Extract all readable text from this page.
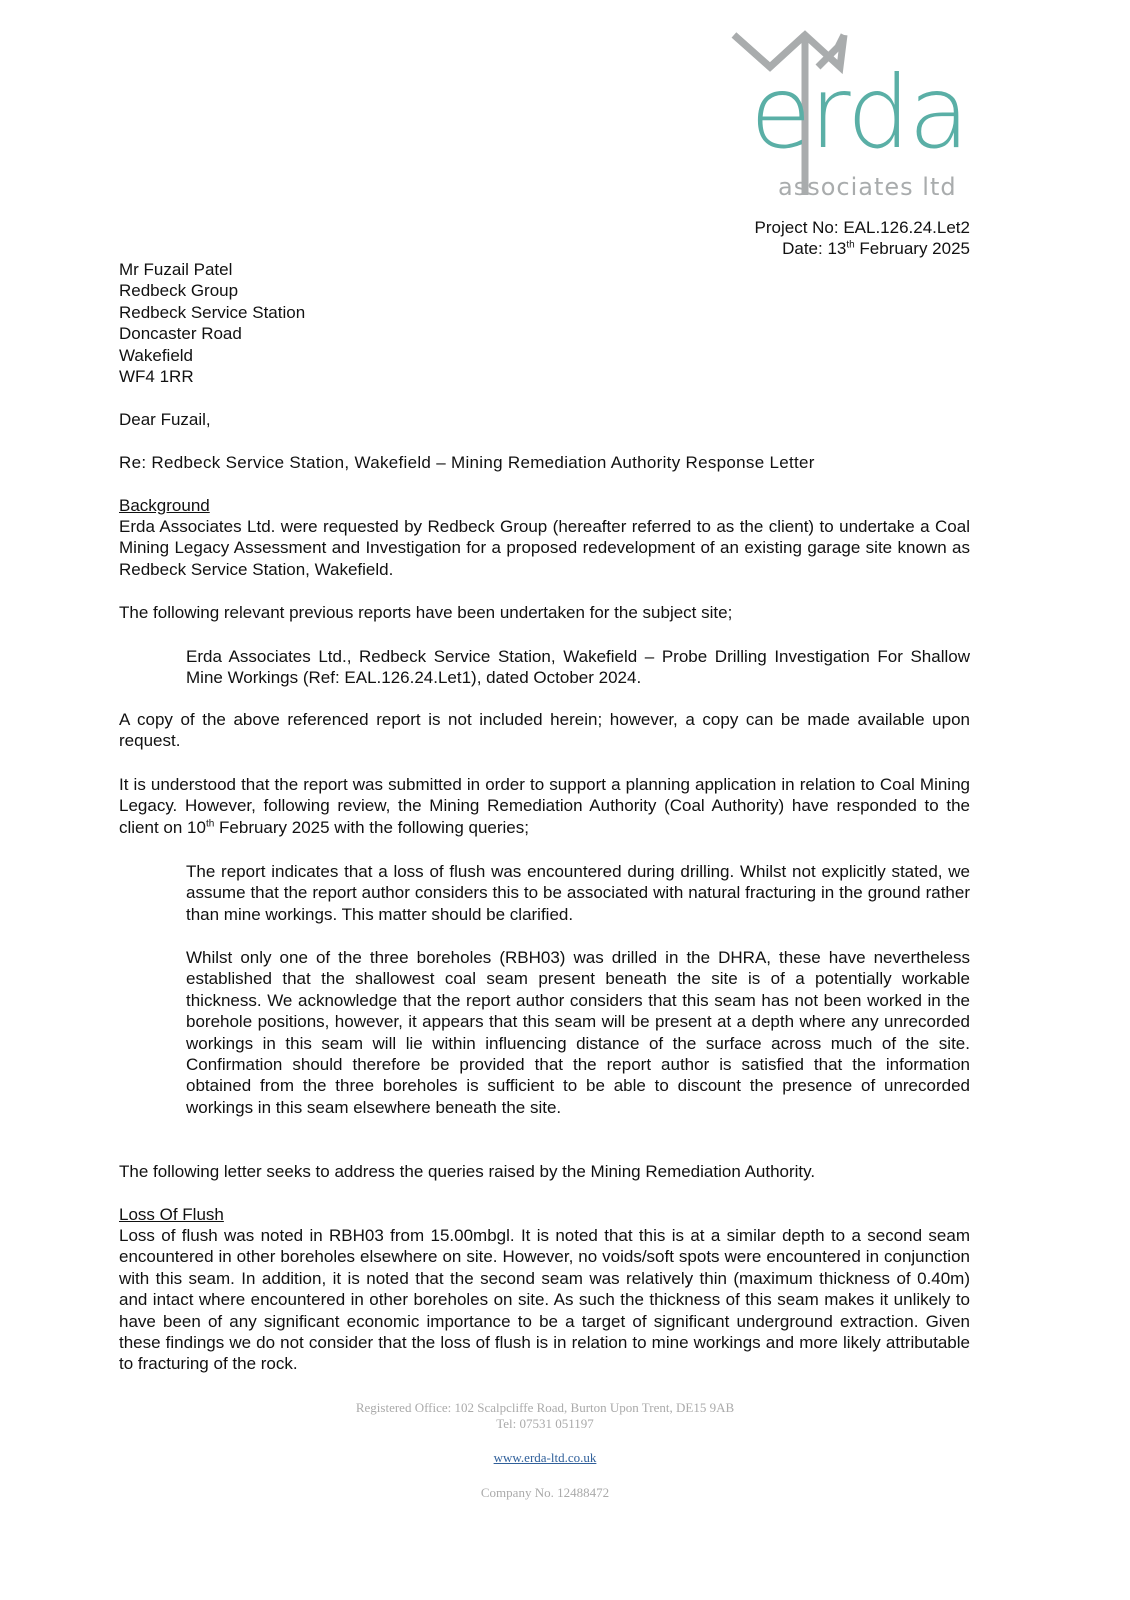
erda
associates ltd
Project No: EAL.126.24.Let2
Date: 13th February 2025
Mr Fuzail Patel
Redbeck Group
Redbeck Service Station
Doncaster Road
Wakefield
WF4 1RR
Dear Fuzail,
Re: Redbeck Service Station, Wakefield – Mining Remediation Authority Response Letter
Background
Erda Associates Ltd. were requested by Redbeck Group (hereafter referred to as the client) to undertake a Coal Mining Legacy Assessment and Investigation for a proposed redevelopment of an existing garage site known as Redbeck Service Station, Wakefield.
The following relevant previous reports have been undertaken for the subject site;
Erda Associates Ltd., Redbeck Service Station, Wakefield – Probe Drilling Investigation For Shallow Mine Workings (Ref: EAL.126.24.Let1), dated October 2024.
A copy of the above referenced report is not included herein; however, a copy can be made available upon request.
It is understood that the report was submitted in order to support a planning application in relation to Coal Mining Legacy. However, following review, the Mining Remediation Authority (Coal Authority) have responded to the client on 10th February 2025 with the following queries;
The report indicates that a loss of flush was encountered during drilling. Whilst not explicitly stated, we assume that the report author considers this to be associated with natural fracturing in the ground rather than mine workings. This matter should be clarified.
Whilst only one of the three boreholes (RBH03) was drilled in the DHRA, these have nevertheless established that the shallowest coal seam present beneath the site is of a potentially workable thickness. We acknowledge that the report author considers that this seam has not been worked in the borehole positions, however, it appears that this seam will be present at a depth where any unrecorded workings in this seam will lie within influencing distance of the surface across much of the site. Confirmation should therefore be provided that the report author is satisfied that the information obtained from the three boreholes is sufficient to be able to discount the presence of unrecorded workings in this seam elsewhere beneath the site.
The following letter seeks to address the queries raised by the Mining Remediation Authority.
Loss Of Flush
Loss of flush was noted in RBH03 from 15.00mbgl. It is noted that this is at a similar depth to a second seam encountered in other boreholes elsewhere on site. However, no voids/soft spots were encountered in conjunction with this seam. In addition, it is noted that the second seam was relatively thin (maximum thickness of 0.40m) and intact where encountered in other boreholes on site. As such the thickness of this seam makes it unlikely to have been of any significant economic importance to be a target of significant underground extraction. Given these findings we do not consider that the loss of flush is in relation to mine workings and more likely attributable to fracturing of the rock.
Registered Office: 102 Scalpcliffe Road, Burton Upon Trent, DE15 9AB
Tel: 07531 051197
www.erda-ltd.co.uk
Company No. 12488472
